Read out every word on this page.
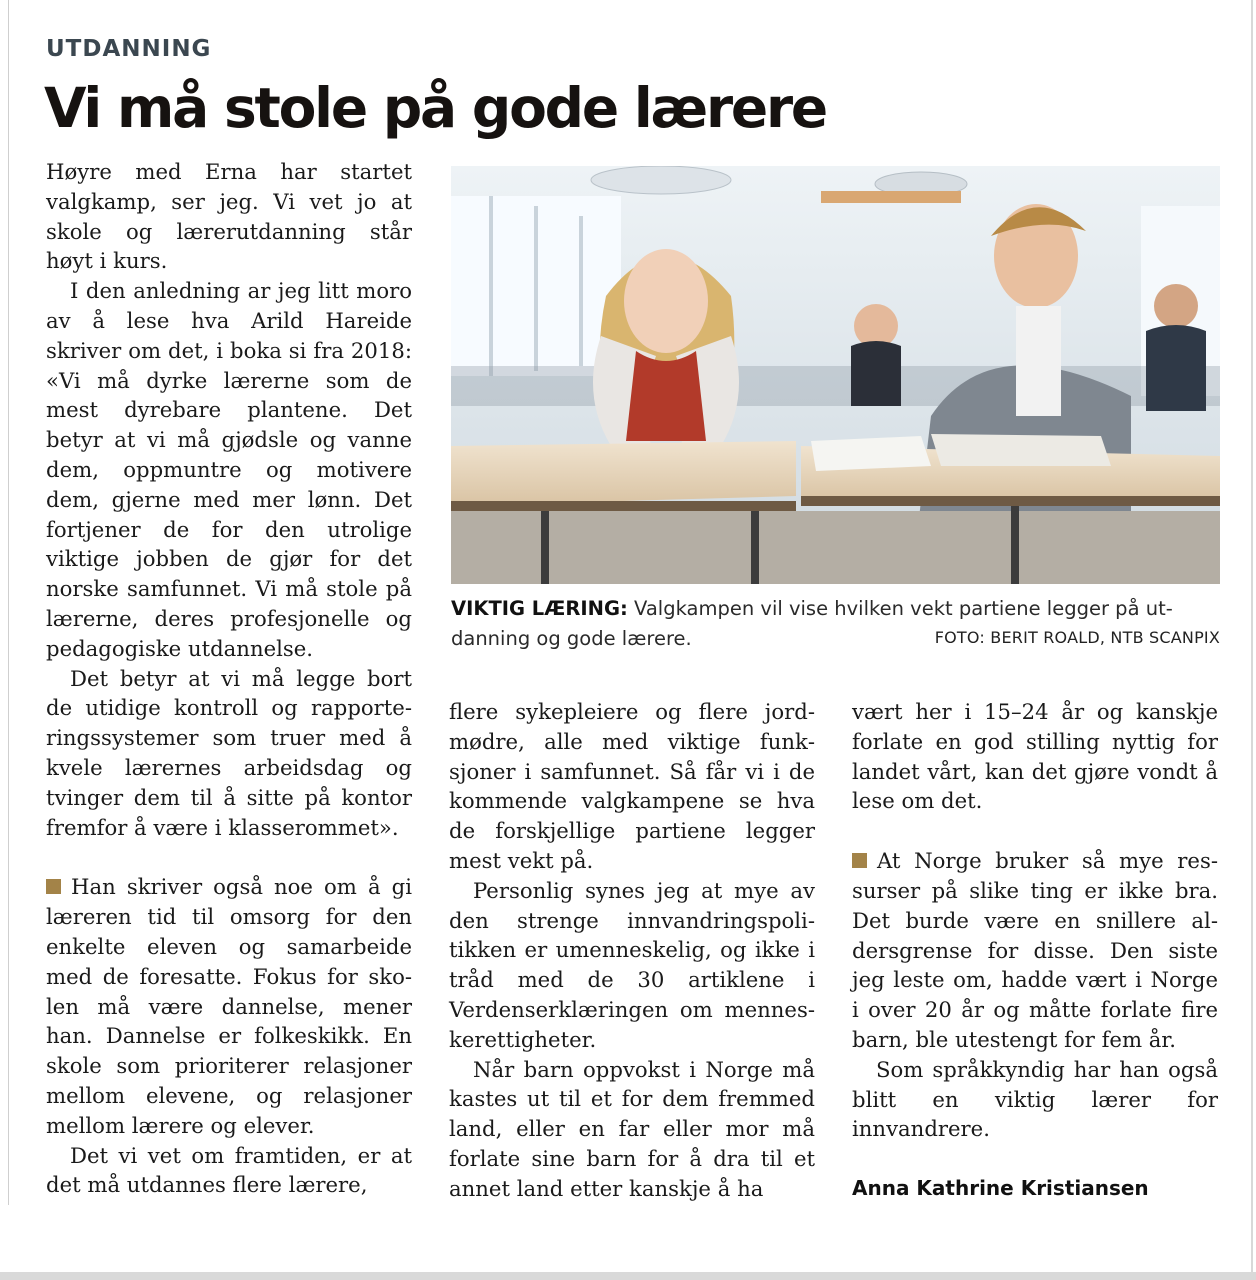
UTDANNING
Vi må stole på gode lærere

Høyre med Erna har startet valgkamp, ser jeg. Vi vet jo at skole og lærerutdanning står høyt i kurs.

I den anledning ar jeg litt moro av å lese hva Arild Hareide skriver om det, i boka si fra 2018: «Vi må dyrke lærerne som de mest dyrebare plantene. Det betyr at vi må gjødsle og vanne dem, oppmuntre og motivere dem, gjerne med mer lønn. Det fortjener de for den utrolige viktige jobben de gjør for det norske samfunnet. Vi må stole på lærerne, deres profesjonelle og pedagogiske utdannelse.

Det betyr at vi må legge bort de utidige kontroll og rapporteringssystemer som truer med å kvele lærernes arbeidsdag og tvinger dem til å sitte på kontor fremfor å være i klasserommet».

Han skriver også noe om å gi læreren tid til omsorg for den enkelte eleven og samarbeide med de foresatte. Fokus for skolen må være dannelse, mener han. Dannelse er folkeskikk. En skole som prioriterer relasjoner mellom elevene, og relasjoner mellom lærere og elever.

Det vi vet om framtiden, er at det må utdannes flere lærere,

VIKTIG LÆRING: Valgkampen vil vise hvilken vekt partiene legger på ut-danning og gode lærere.	FOTO: BERIT ROALD, NTB SCANPIX

flere sykepleiere og flere jordmødre, alle med viktige funksjoner i samfunnet. Så får vi i de kommende valgkampene se hva de forskjellige partiene legger mest vekt på.

Personlig synes jeg at mye av den strenge innvandringspolitikken er umenneskelig, og ikke i tråd med de 30 artiklene i Verdenserklæringen om menneskerettigheter.

Når barn oppvokst i Norge må kastes ut til et for dem fremmed land, eller en far eller mor må forlate sine barn for å dra til et annet land etter kanskje å ha

vært her i 15–24 år og kanskje forlate en god stilling nyttig for landet vårt, kan det gjøre vondt å lese om det.

At Norge bruker så mye ressurser på slike ting er ikke bra. Det burde være en snillere aldersgrense for disse. Den siste jeg leste om, hadde vært i Norge i over 20 år og måtte forlate fire barn, ble utestengt for fem år.

Som språkkyndig har han også blitt en viktig lærer for innvandrere.

Anna Kathrine Kristiansen
